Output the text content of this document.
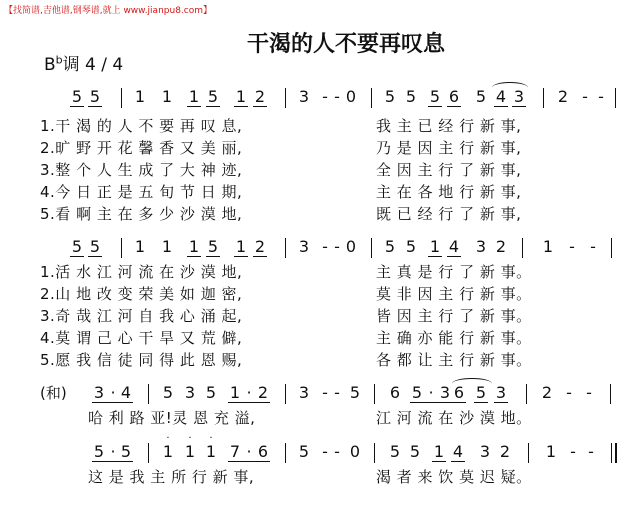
【找简谱,吉他谱,钢琴谱,就上 www.jianpu8.com】
干渴的人不要再叹息
$B^b$调 4 / 4
(和)
5 5 1 1 1 5 1 2 3 - - 0 5 5 5 6 5 4 3 2 - -
5 5 1 1 1 5 1 2 3 - - 0 5 5 1 4 3 2 1 - -
3 · 4 5 3 5 1 · 2 3 - - 5 6 5 · 3 6 5 3 2 - -
5 · 5 1
·
1
·
1
·
7 · 6 5 - - 0 5 5 1 4 3 2 1 - -
1.干 渴 的 人 不 要 再 叹 息,	我 主 已 经 行 新 事,
2.旷 野 开 花 馨 香 又 美 丽,	乃 是 因 主 行 新 事,
3.整 个 人 生 成 了 大 神 迹,	全 因 主 行 了 新 事,
4.今 日 正 是 五 旬 节 日 期,	主 在 各 地 行 新 事,
5.看 啊 主 在 多 少 沙 漠 地,	既 已 经 行 了 新 事,
1.活 水 江 河 流 在 沙 漠 地,	主 真 是 行 了 新 事。
2.山 地 改 变 荣 美 如 迦 密,	莫 非 因 主 行 新 事。
3.奇 哉 江 河 自 我 心 涌 起,	皆 因 主 行 了 新 事。
4.莫 谓 己 心 干 旱 又 荒 僻,	主 确 亦 能 行 新 事。
5.愿 我 信 徒 同 得 此 恩 赐,	各 都 让 主 行 新 事。
哈 利 路 亚!灵 恩 充 溢,	江 河 流 在 沙 漠 地。
这 是 我 主 所 行 新 事,	渴 者 来 饮 莫 迟 疑。
